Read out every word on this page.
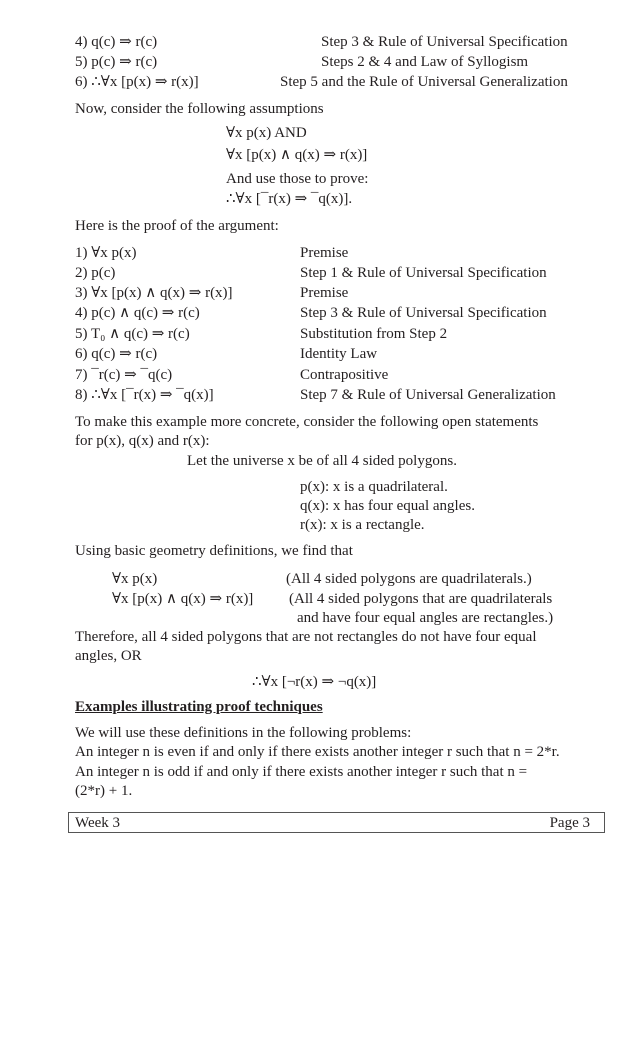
4) q(c) ⇒ r(c)	Step 3 & Rule of Universal Specification
5) p(c) ⇒ r(c)	Steps 2 & 4 and Law of Syllogism
6) ∴∀x [p(x) ⇒ r(x)]	Step 5 and the Rule of Universal Generalization
Now, consider the following assumptions
∀x p(x) AND
∀x [p(x) ∧ q(x) ⇒ r(x)]
And use those to prove:
∴∀x [¯r(x) ⇒ ¯q(x)].
Here is the proof of the argument:
1) ∀x p(x)	Premise
2) p(c)	Step 1 & Rule of Universal Specification
3) ∀x [p(x) ∧ q(x) ⇒ r(x)]	Premise
4) p(c) ∧ q(c) ⇒ r(c)	Step 3 & Rule of Universal Specification
5) T₀ ∧ q(c) ⇒ r(c)	Substitution from Step 2
6) q(c) ⇒ r(c)	Identity Law
7) ¯r(c) ⇒ ¯q(c)	Contrapositive
8) ∴∀x [¯r(x) ⇒ ¯q(x)]	Step 7 & Rule of Universal Generalization
To make this example more concrete, consider the following open statements
for p(x), q(x) and r(x):
Let the universe x be of all 4 sided polygons.
p(x): x is a quadrilateral.
q(x): x has four equal angles.
r(x): x is a rectangle.
Using basic geometry definitions, we find that
∀x p(x)	(All 4 sided polygons are quadrilaterals.)
∀x [p(x) ∧ q(x) ⇒ r(x)] (All 4 sided polygons that are quadrilaterals
and have four equal angles are rectangles.)
Therefore, all 4 sided polygons that are not rectangles do not have four equal
angles, OR
∴∀x [¬r(x) ⇒ ¬q(x)]
Examples illustrating proof techniques
We will use these definitions in the following problems:
An integer n is even if and only if there exists another integer r such that n = 2*r.
An integer n is odd if and only if there exists another integer r such that n =
(2*r) + 1.
Week 3	Page 3
